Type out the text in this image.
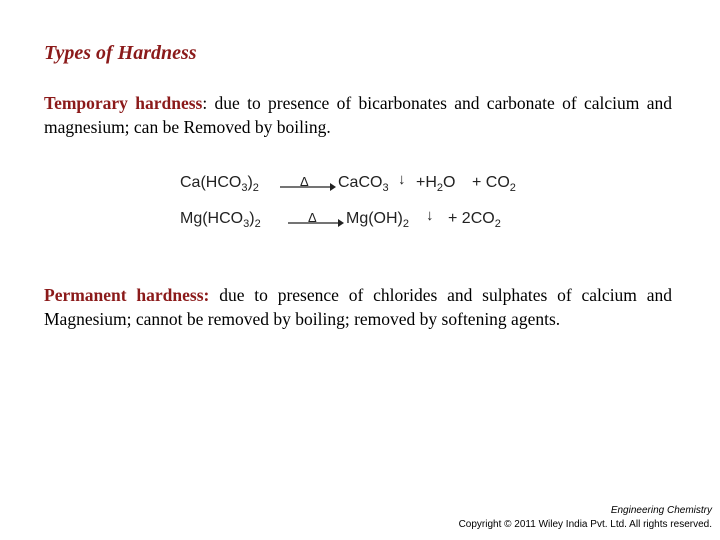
Types of Hardness
Temporary hardness: due to presence of bicarbonates and carbonate of calcium and magnesium; can be Removed by boiling.
$Ca(HCO_3)_2$ →
Δ CaCO$_3$ ↓ $+H_2O + CO_2$
$Mg(HCO_3)_2$	Δ $Mg(OH)_2$ ↓ + $2CO_2$
Permanent hardness: due to presence of chlorides and sulphates of calcium and Magnesium; cannot be removed by boiling; removed by softening agents.
Engineering Chemistry
Copyright © 2011 Wiley India Pvt. Ltd. All rights reserved.
